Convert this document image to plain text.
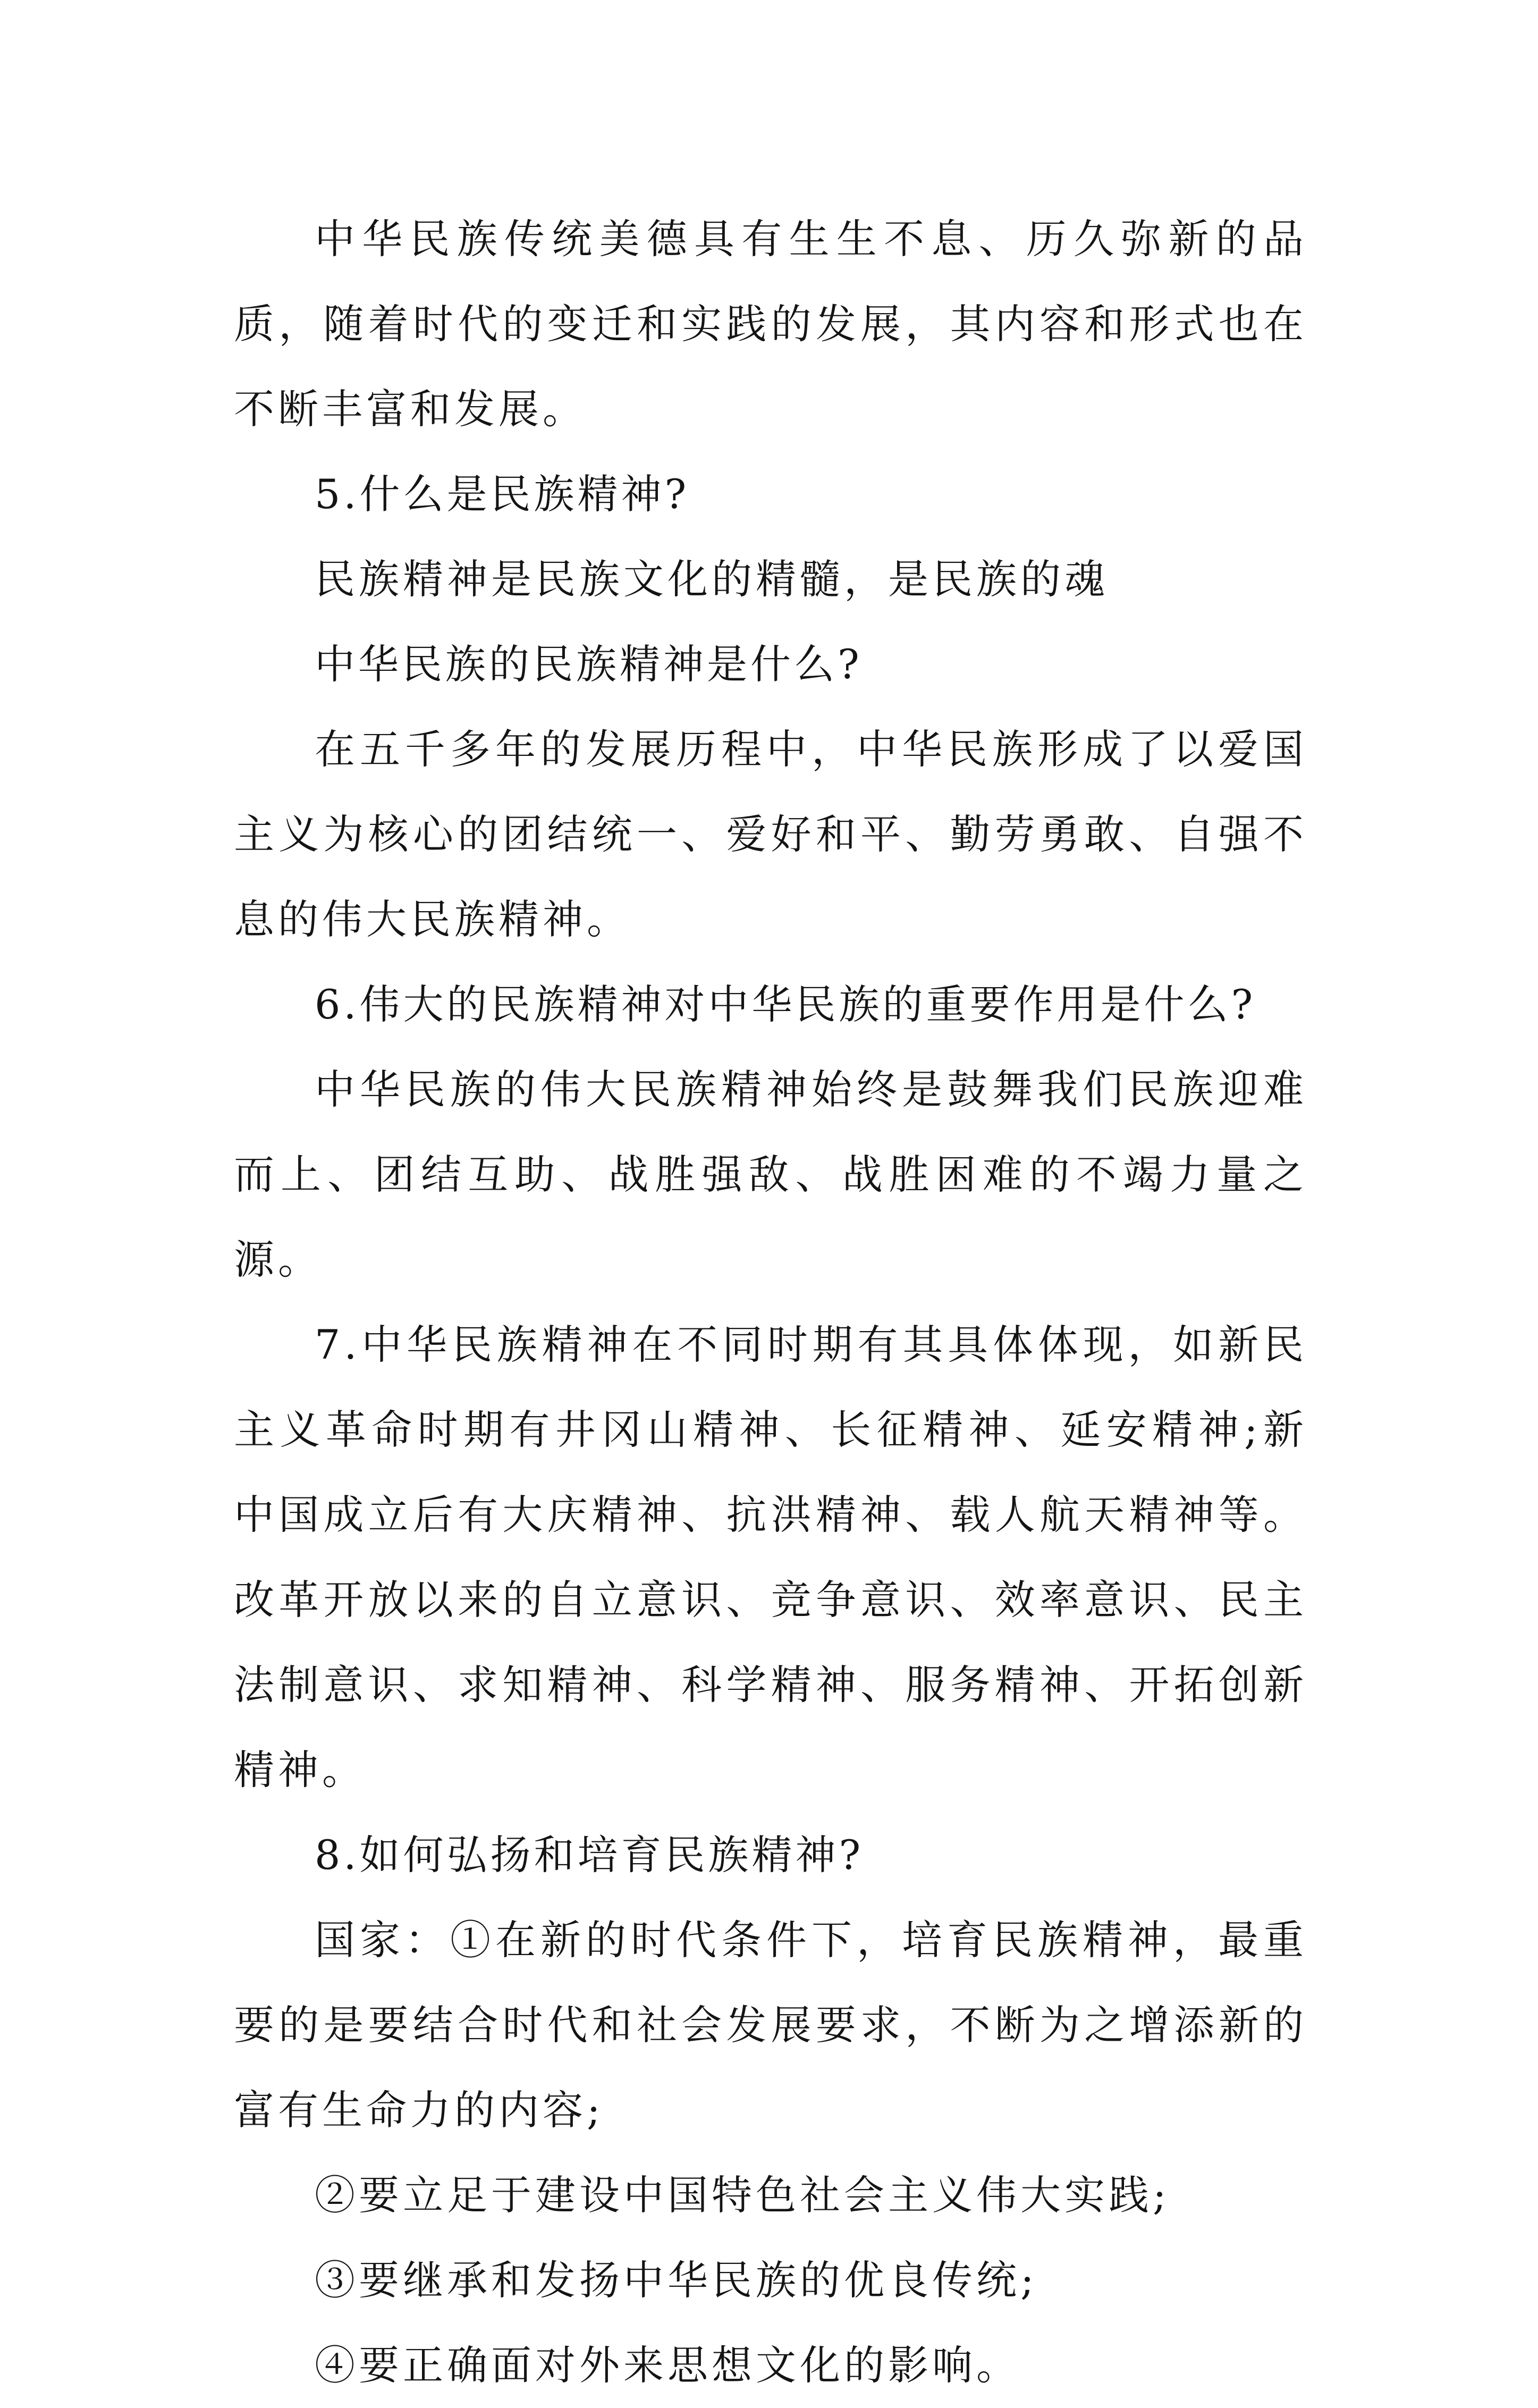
中华民族传统美德具有生生不息、历久弥新的品质，随着时代的变迁和实践的发展，其内容和形式也在不断丰富和发展。

5.什么是民族精神?

民族精神是民族文化的精髓，是民族的魂

中华民族的民族精神是什么?

在五千多年的发展历程中，中华民族形成了以爱国主义为核心的团结统一、爱好和平、勤劳勇敢、自强不息的伟大民族精神。

6.伟大的民族精神对中华民族的重要作用是什么?

中华民族的伟大民族精神始终是鼓舞我们民族迎难而上、团结互助、战胜强敌、战胜困难的不竭力量之源。

7.中华民族精神在不同时期有其具体体现，如新民主义革命时期有井冈山精神、长征精神、延安精神;新中国成立后有大庆精神、抗洪精神、载人航天精神等。改革开放以来的自立意识、竞争意识、效率意识、民主法制意识、求知精神、科学精神、服务精神、开拓创新精神。

8.如何弘扬和培育民族精神?

国家：①在新的时代条件下，培育民族精神，最重要的是要结合时代和社会发展要求，不断为之增添新的富有生命力的内容;

②要立足于建设中国特色社会主义伟大实践;

③要继承和发扬中华民族的优良传统;

④要正确面对外来思想文化的影响。
